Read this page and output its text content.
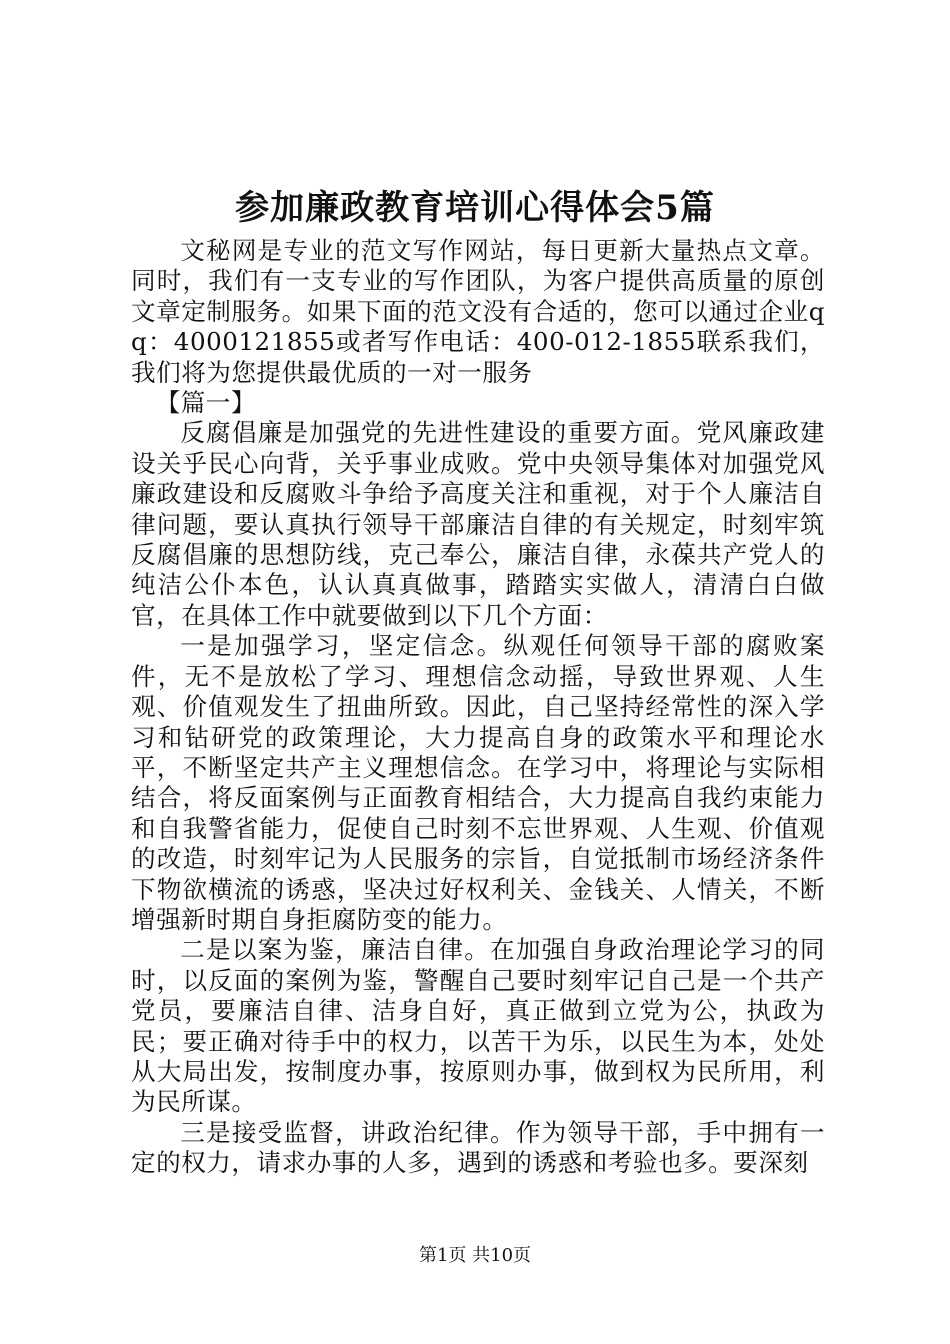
参加廉政教育培训心得体会5篇

文秘网是专业的范文写作网站，每日更新大量热点文章。同时，我们有一支专业的写作团队，为客户提供高质量的原创文章定制服务。如果下面的范文没有合适的，您可以通过企业qq：4000121855或者写作电话：400-012-1855联系我们，我们将为您提供最优质的一对一服务

【篇一】

反腐倡廉是加强党的先进性建设的重要方面。党风廉政建设关乎民心向背，关乎事业成败。党中央领导集体对加强党风廉政建设和反腐败斗争给予高度关注和重视，对于个人廉洁自律问题，要认真执行领导干部廉洁自律的有关规定，时刻牢筑反腐倡廉的思想防线，克己奉公，廉洁自律，永葆共产党人的纯洁公仆本色，认认真真做事，踏踏实实做人，清清白白做官，在具体工作中就要做到以下几个方面：

一是加强学习，坚定信念。纵观任何领导干部的腐败案件，无不是放松了学习、理想信念动摇，导致世界观、人生观、价值观发生了扭曲所致。因此，自己坚持经常性的深入学习和钻研党的政策理论，大力提高自身的政策水平和理论水平，不断坚定共产主义理想信念。在学习中，将理论与实际相结合，将反面案例与正面教育相结合，大力提高自我约束能力和自我警省能力，促使自己时刻不忘世界观、人生观、价值观的改造，时刻牢记为人民服务的宗旨，自觉抵制市场经济条件下物欲横流的诱惑，坚决过好权利关、金钱关、人情关，不断增强新时期自身拒腐防变的能力。

二是以案为鉴，廉洁自律。在加强自身政治理论学习的同时，以反面的案例为鉴，警醒自己要时刻牢记自己是一个共产党员，要廉洁自律、洁身自好，真正做到立党为公，执政为民；要正确对待手中的权力，以苦干为乐，以民生为本，处处从大局出发，按制度办事，按原则办事，做到权为民所用，利为民所谋。

三是接受监督，讲政治纪律。作为领导干部，手中拥有一定的权力，请求办事的人多，遇到的诱惑和考验也多。要深刻

第1页 共10页
